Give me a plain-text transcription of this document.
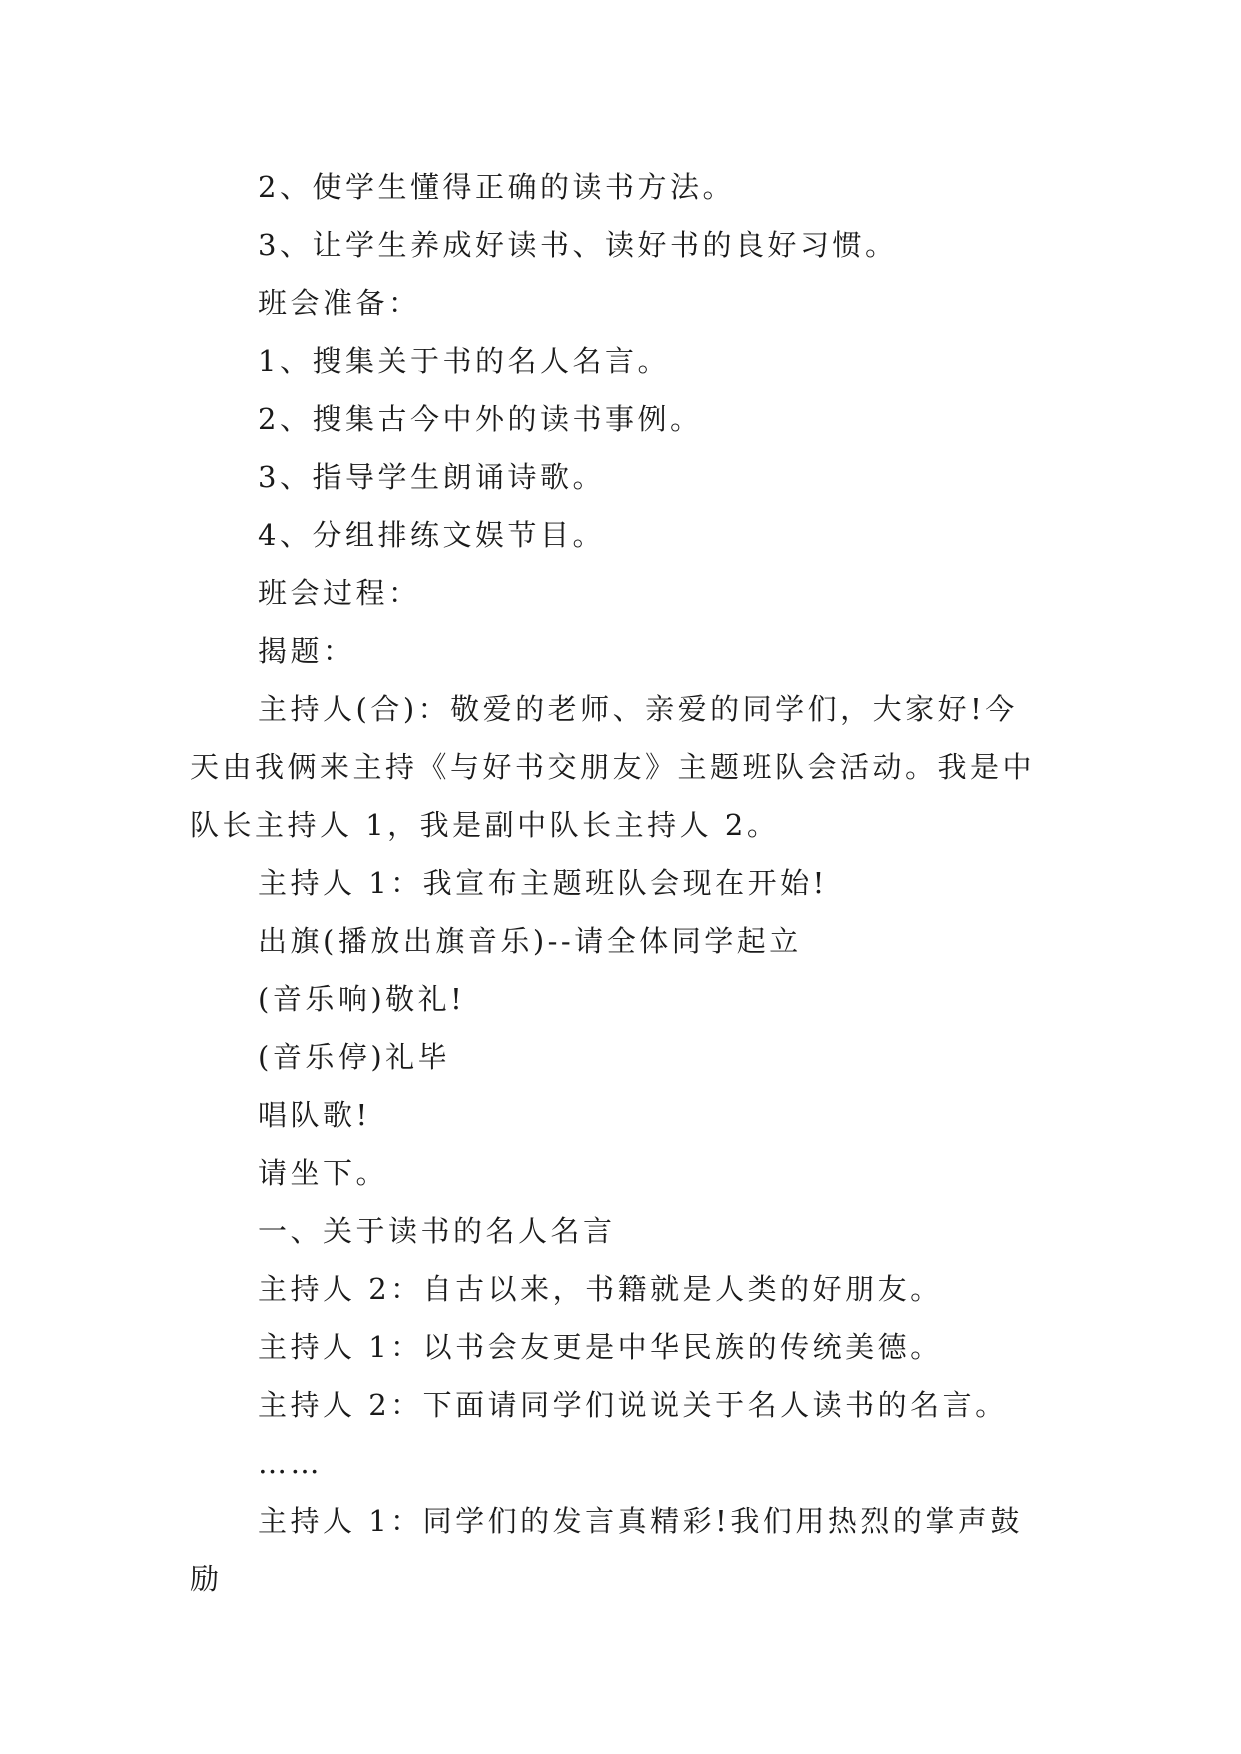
2、使学生懂得正确的读书方法。

3、让学生养成好读书、读好书的良好习惯。

班会准备：

1、搜集关于书的名人名言。

2、搜集古今中外的读书事例。

3、指导学生朗诵诗歌。

4、分组排练文娱节目。

班会过程：

揭题：

主持人(合)：敬爱的老师、亲爱的同学们，大家好!今天由我俩来主持《与好书交朋友》主题班队会活动。我是中队长主持人 1，我是副中队长主持人 2。

主持人 1：我宣布主题班队会现在开始!

出旗(播放出旗音乐)--请全体同学起立

(音乐响)敬礼!

(音乐停)礼毕

唱队歌!

请坐下。

一、关于读书的名人名言

主持人 2：自古以来，书籍就是人类的好朋友。

主持人 1：以书会友更是中华民族的传统美德。

主持人 2：下面请同学们说说关于名人读书的名言。

……

主持人 1：同学们的发言真精彩!我们用热烈的掌声鼓励
